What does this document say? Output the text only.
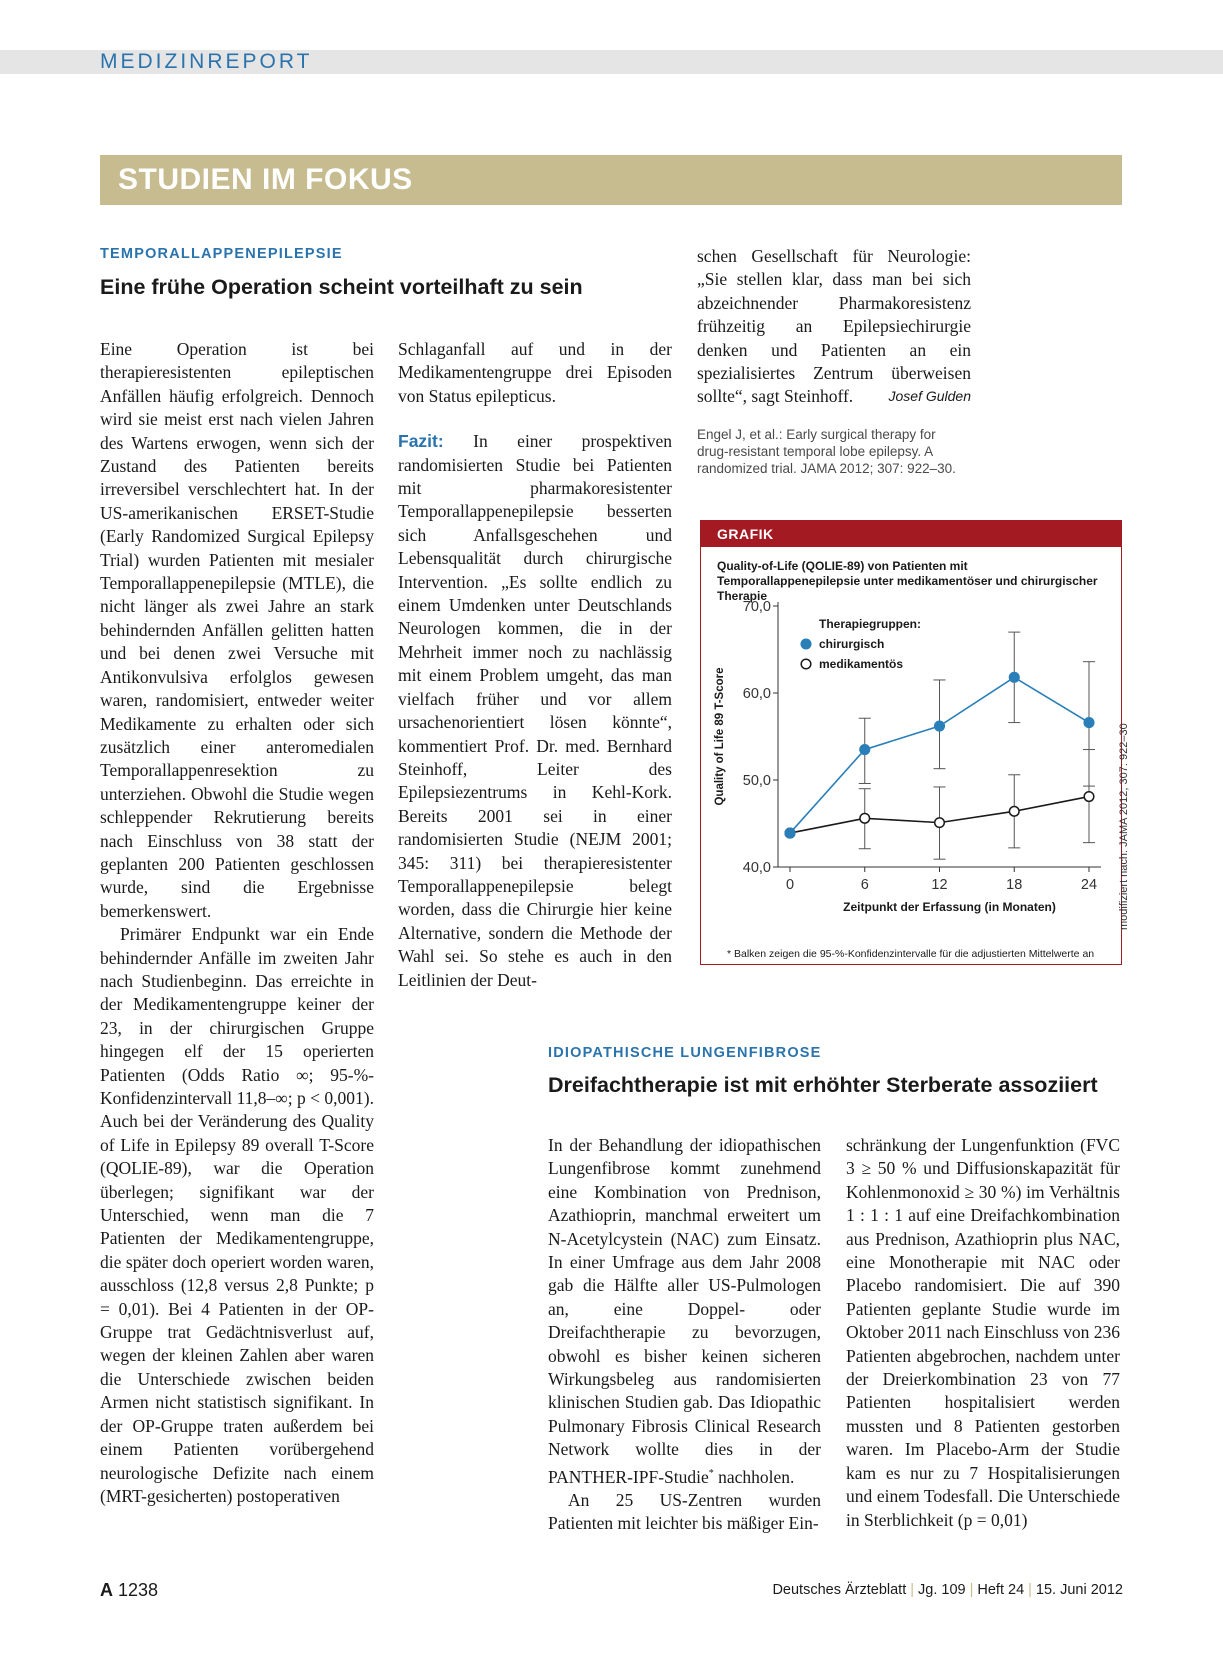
MEDIZINREPORT
STUDIEN IM FOKUS
TEMPORALLAPPENEPILEPSIE
Eine frühe Operation scheint vorteilhaft zu sein

Eine Operation ist bei therapieresistenten epileptischen Anfällen häufig erfolgreich. Dennoch wird sie meist erst nach vielen Jahren des Wartens erwogen, wenn sich der Zustand des Patienten bereits irreversibel verschlechtert hat. In der US-amerikanischen ERSET-Studie (Early Randomized Surgical Epilepsy Trial) wurden Patienten mit mesialer Temporallappenepilepsie (MTLE), die nicht länger als zwei Jahre an stark behindernden Anfällen gelitten hatten und bei denen zwei Versuche mit Antikonvulsiva erfolglos gewesen waren, randomisiert, entweder weiter Medikamente zu erhalten oder sich zusätzlich einer anteromedialen Temporallappenresektion zu unterziehen. Obwohl die Studie wegen schleppender Rekrutierung bereits nach Einschluss von 38 statt der geplanten 200 Patienten geschlossen wurde, sind die Ergebnisse bemerkenswert.

Primärer Endpunkt war ein Ende behindernder Anfälle im zweiten Jahr nach Studienbeginn. Das erreichte in der Medikamentengruppe keiner der 23, in der chirurgischen Gruppe hingegen elf der 15 operierten Patienten (Odds Ratio ∞; 95-%-Konfidenzintervall 11,8–∞; p < 0,001). Auch bei der Veränderung des Quality of Life in Epilepsy 89 overall T-Score (QOLIE-89), war die Operation überlegen; signifikant war der Unterschied, wenn man die 7 Patienten der Medikamentengruppe, die später doch operiert worden waren, ausschloss (12,8 versus 2,8 Punkte; p = 0,01). Bei 4 Patienten in der OP-Gruppe trat Gedächtnisverlust auf, wegen der kleinen Zahlen aber waren die Unterschiede zwischen beiden Armen nicht statistisch signifikant. In der OP-Gruppe traten außerdem bei einem Patienten vorübergehend neurologische Defizite nach einem (MRT-gesicherten) postoperativen

Schlaganfall auf und in der Medikamentengruppe drei Episoden von Status epilepticus.

Fazit: In einer prospektiven randomisierten Studie bei Patienten mit pharmakoresistenter Temporallappenepilepsie besserten sich Anfallsgeschehen und Lebensqualität durch chirurgische Intervention. „Es sollte endlich zu einem Umdenken unter Deutschlands Neurologen kommen, die in der Mehrheit immer noch zu nachlässig mit einem Problem umgeht, das man vielfach früher und vor allem ursachenorientiert lösen könnte“, kommentiert Prof. Dr. med. Bernhard Steinhoff, Leiter des Epilepsiezentrums in Kehl-Kork. Bereits 2001 sei in einer randomisierten Studie (NEJM 2001; 345: 311) bei therapieresistenter Temporallappenepilepsie belegt worden, dass die Chirurgie hier keine Alternative, sondern die Methode der Wahl sei. So stehe es auch in den Leitlinien der Deut-

schen Gesellschaft für Neurologie: „Sie stellen klar, dass man bei sich abzeichnender Pharmakoresistenz frühzeitig an Epilepsiechirurgie denken und Patienten an ein spezialisiertes Zentrum überweisen sollte“, sagt Steinhoff.	Josef Gulden

Engel J, et al.: Early surgical therapy for drug-resistant temporal lobe epilepsy. A randomized trial. JAMA 2012; 307: 922–30.
GRAFIK
Quality-of-Life (QOLIE-89) von Patienten mit Temporallappenepilepsie unter medikamentöser und chirurgischer Therapie
40,0
50,0
60,0
70,0
0	6	12	18	24
Zeitpunkt der Erfassung (in Monaten)
Quality of Life 89 T-Score
Therapiegruppen:
chirurgisch
medikamentös
* Balken zeigen die 95-%-Konfidenzintervalle für die adjustierten Mittelwerte an
modifiziert nach: JAMA 2012; 307: 922–30
IDIOPATHISCHE LUNGENFIBROSE
Dreifachtherapie ist mit erhöhter Sterberate assoziiert

In der Behandlung der idiopathischen Lungenfibrose kommt zunehmend eine Kombination von Prednison, Azathioprin, manchmal erweitert um N-Acetylcystein (NAC) zum Einsatz. In einer Umfrage aus dem Jahr 2008 gab die Hälfte aller US-Pulmologen an, eine Doppel- oder Dreifachtherapie zu bevorzugen, obwohl es bisher keinen sicheren Wirkungsbeleg aus randomisierten klinischen Studien gab. Das Idiopathic Pulmonary Fibrosis Clinical Research Network wollte dies in der PANTHER-IPF-Studie* nachholen.

An 25 US-Zentren wurden Patienten mit leichter bis mäßiger Ein-

schränkung der Lungenfunktion (FVC 3 ≥ 50 % und Diffusionskapazität für Kohlenmonoxid ≥ 30 %) im Verhältnis 1 : 1 : 1 auf eine Dreifachkombination aus Prednison, Azathioprin plus NAC, eine Monotherapie mit NAC oder Placebo randomisiert. Die auf 390 Patienten geplante Studie wurde im Oktober 2011 nach Einschluss von 236 Patienten abgebrochen, nachdem unter der Dreierkombination 23 von 77 Patienten hospitalisiert werden mussten und 8 Patienten gestorben waren. Im Placebo-Arm der Studie kam es nur zu 7 Hospitalisierungen und einem Todesfall. Die Unterschiede in Sterblichkeit (p = 0,01)

A 1238	Deutsches Ärzteblatt | Jg. 109 | Heft 24 | 15. Juni 2012
